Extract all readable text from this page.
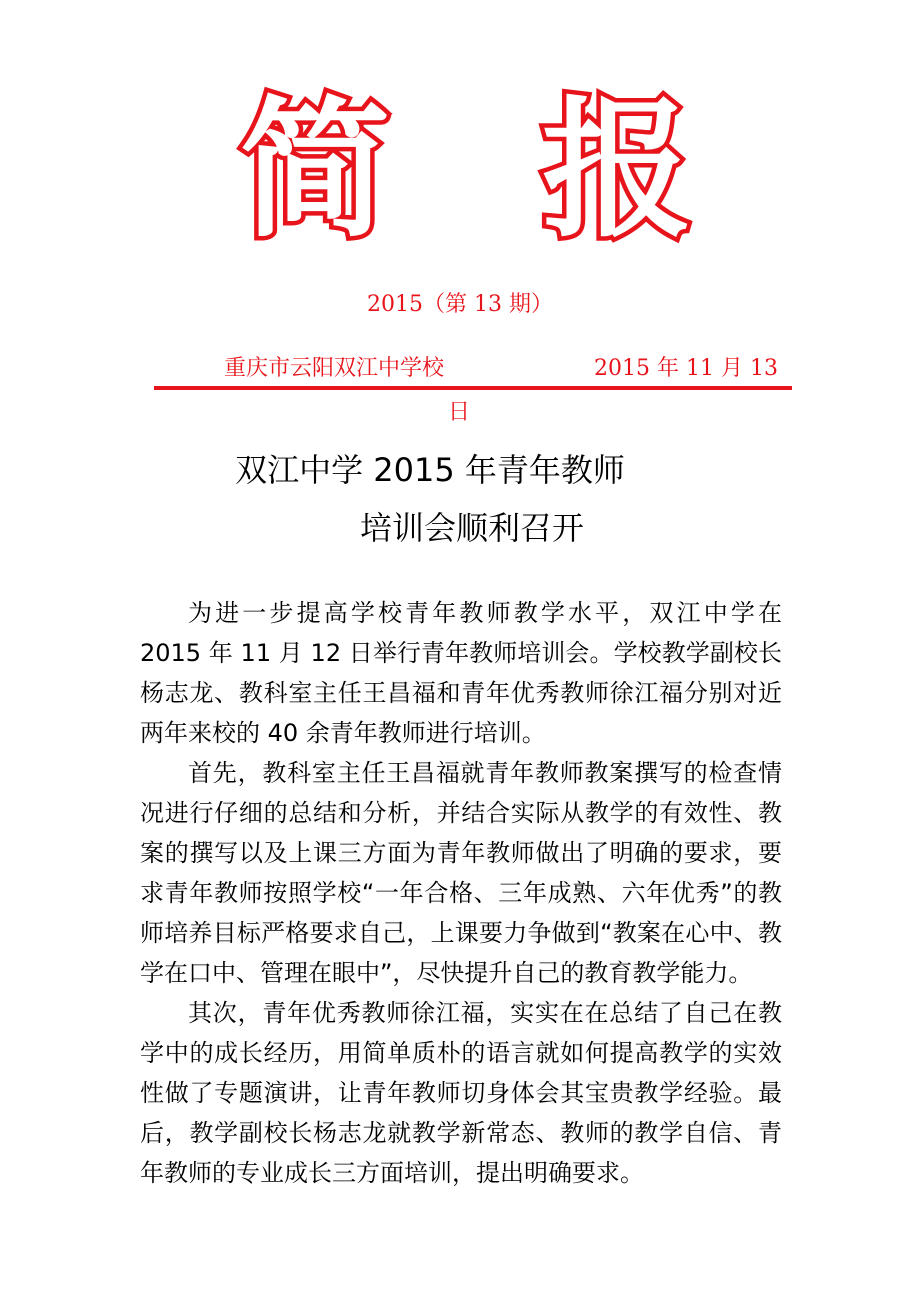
简 报
2015（第 13 期）
重庆市云阳双江中学校	2015 年 11 月 13
日
双江中学 2015 年青年教师
培训会顺利召开

为进一步提高学校青年教师教学水平，双江中学在 2015 年 11 月 12 日举行青年教师培训会。学校教学副校长杨志龙、教科室主任王昌福和青年优秀教师徐江福分别对近两年来校的 40 余青年教师进行培训。

首先，教科室主任王昌福就青年教师教案撰写的检查情况进行仔细的总结和分析，并结合实际从教学的有效性、教案的撰写以及上课三方面为青年教师做出了明确的要求，要求青年教师按照学校“一年合格、三年成熟、六年优秀”的教师培养目标严格要求自己，上课要力争做到“教案在心中、教学在口中、管理在眼中”，尽快提升自己的教育教学能力。

其次，青年优秀教师徐江福，实实在在总结了自己在教学中的成长经历，用简单质朴的语言就如何提高教学的实效性做了专题演讲，让青年教师切身体会其宝贵教学经验。最后，教学副校长杨志龙就教学新常态、教师的教学自信、青年教师的专业成长三方面培训，提出明确要求。
